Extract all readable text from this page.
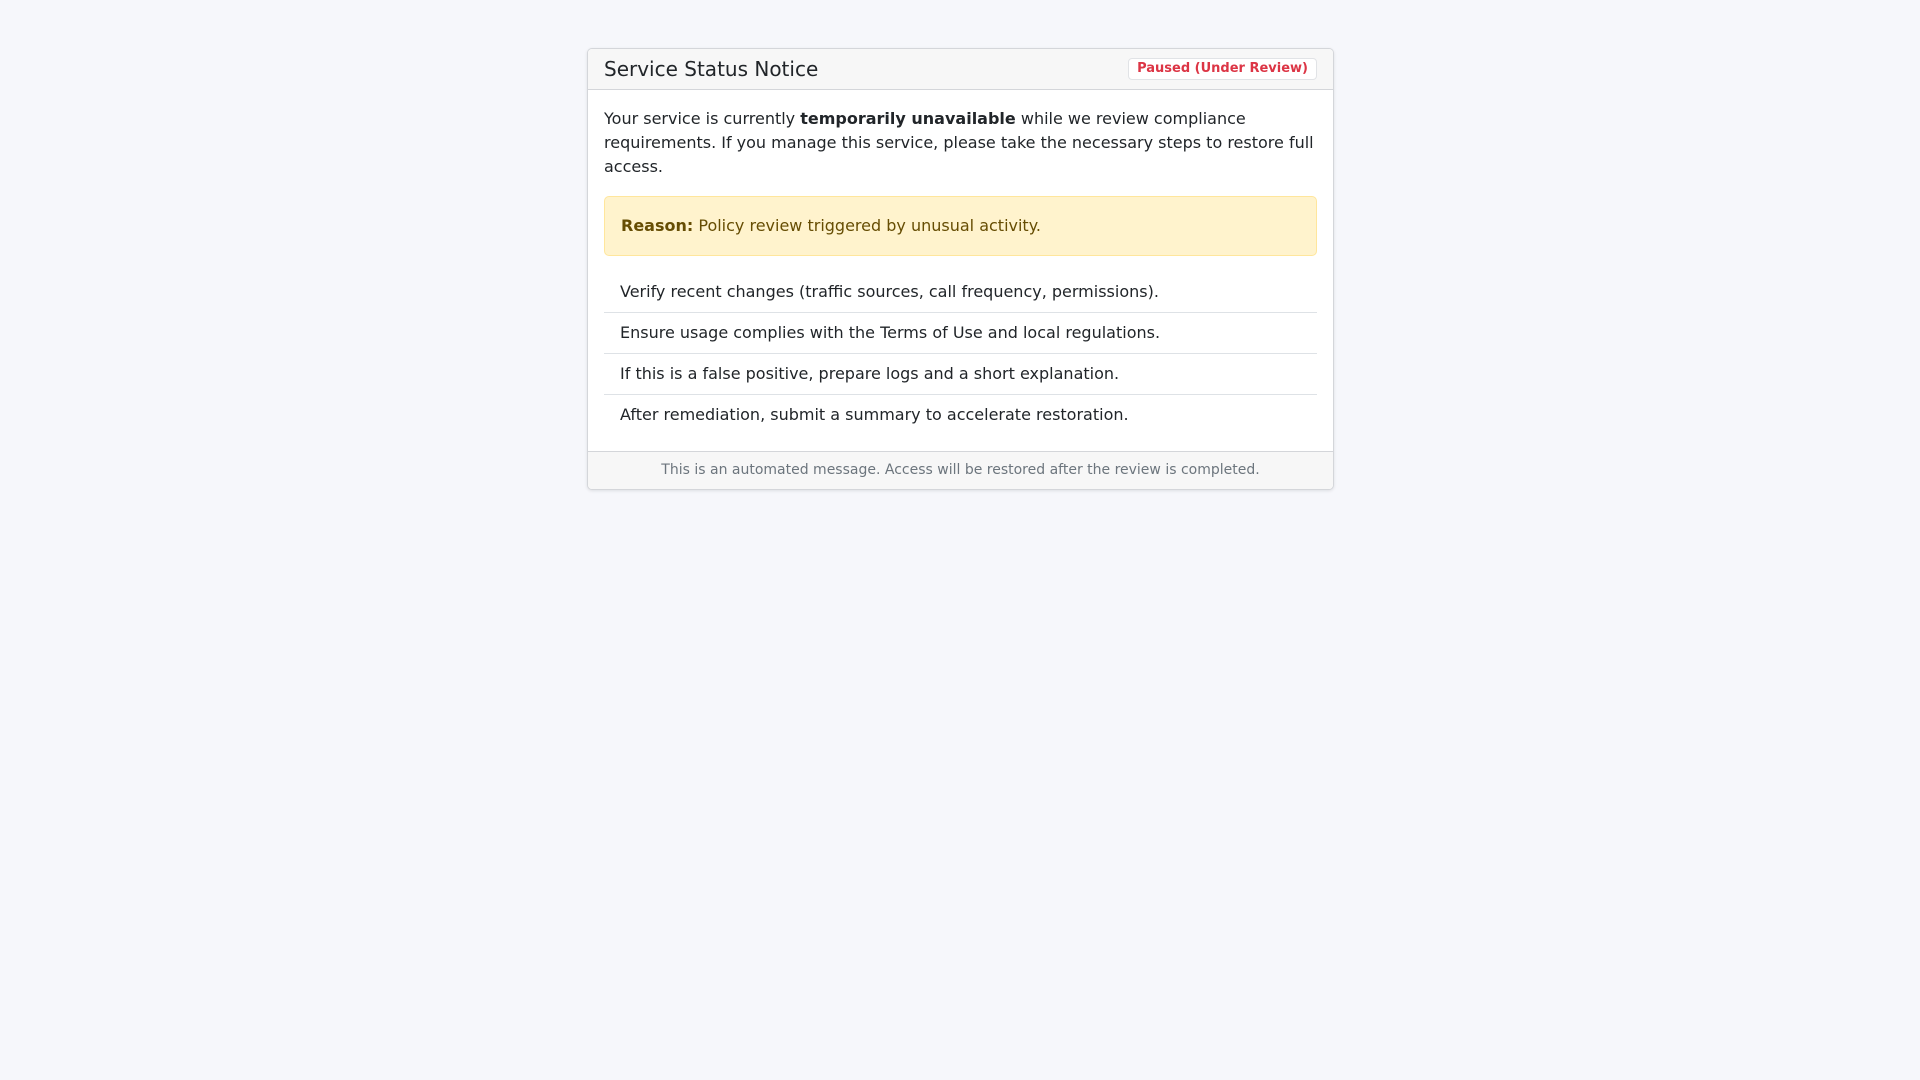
Service Status Notice	Paused (Under Review)

Your service is currently temporarily unavailable while we review compliance requirements. If you manage this service, please take the necessary steps to restore full access.

Reason: Policy review triggered by unusual activity.
Verify recent changes (traffic sources, call frequency, permissions).
Ensure usage complies with the Terms of Use and local regulations.
If this is a false positive, prepare logs and a short explanation.
After remediation, submit a summary to accelerate restoration.
This is an automated message. Access will be restored after the review is completed.
